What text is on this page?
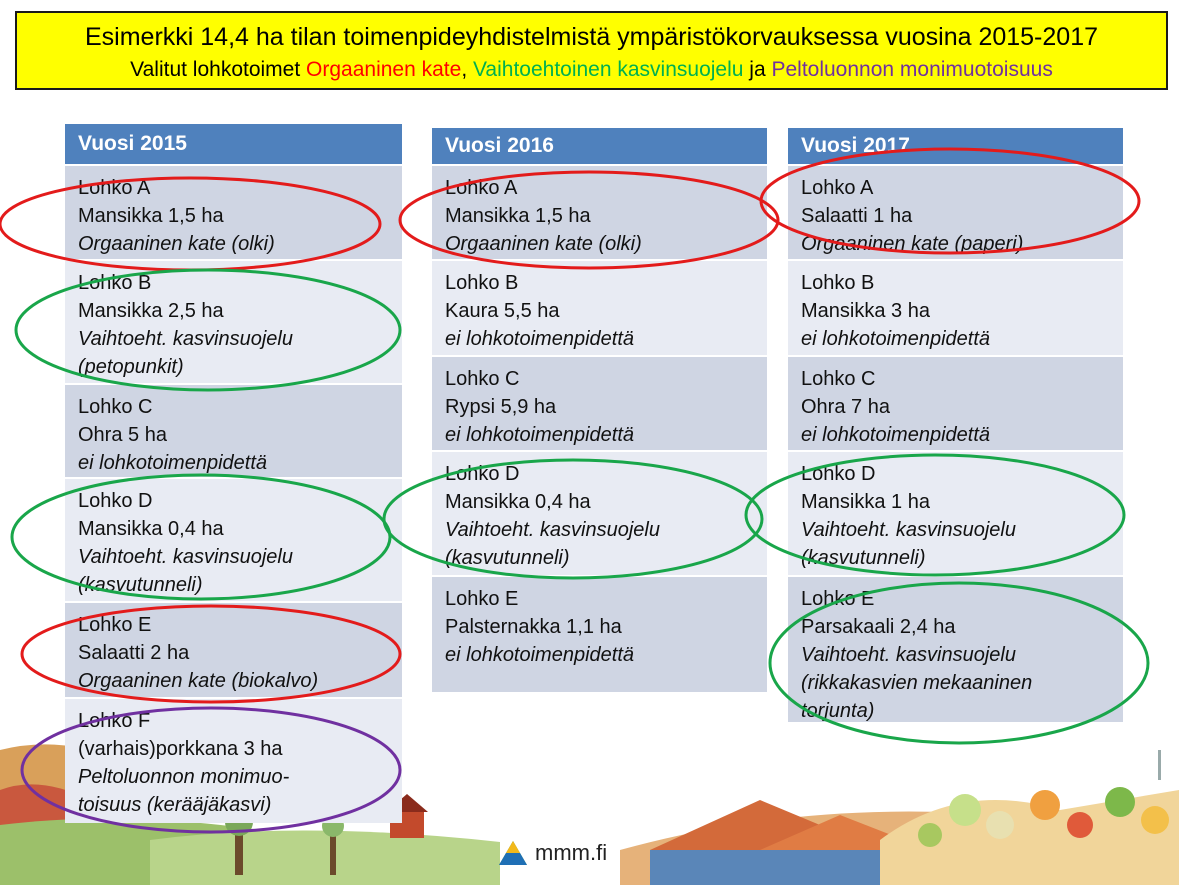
Esimerkki 14,4 ha tilan toimenpideyhdistelmistä ympäristökorvauksessa vuosina 2015-2017
Valitut lohkotoimet Orgaaninen kate, Vaihtoehtoinen kasvinsuojelu ja Peltoluonnon monimuotoisuus
Vuosi 2015
Lohko A
Mansikka 1,5 ha
Orgaaninen kate (olki)
Lohko B
Mansikka 2,5 ha
Vaihtoeht. kasvinsuojelu
(petopunkit)
Lohko C
Ohra 5 ha
ei lohkotoimenpidettä
Lohko D
Mansikka 0,4 ha
Vaihtoeht. kasvinsuojelu
(kasvutunneli)
Lohko E
Salaatti 2 ha
Orgaaninen kate (biokalvo)
Lohko F
(varhais)porkkana 3 ha
Peltoluonnon monimuo-
toisuus (kerääjäkasvi)
Vuosi 2016
Lohko A
Mansikka 1,5 ha
Orgaaninen kate (olki)
Lohko B
Kaura 5,5 ha
ei lohkotoimenpidettä
Lohko C
Rypsi 5,9 ha
ei lohkotoimenpidettä
Lohko D
Mansikka 0,4 ha
Vaihtoeht. kasvinsuojelu
(kasvutunneli)
Lohko E
Palsternakka 1,1 ha
ei lohkotoimenpidettä
Vuosi 2017
Lohko A
Salaatti 1 ha
Orgaaninen kate (paperi)
Lohko B
Mansikka 3 ha
ei lohkotoimenpidettä
Lohko C
Ohra 7 ha
ei lohkotoimenpidettä
Lohko D
Mansikka 1 ha
Vaihtoeht. kasvinsuojelu
(kasvutunneli)
Lohko E
Parsakaali 2,4 ha
Vaihtoeht. kasvinsuojelu
(rikkakasvien mekaaninen
torjunta)
mmm.fi
